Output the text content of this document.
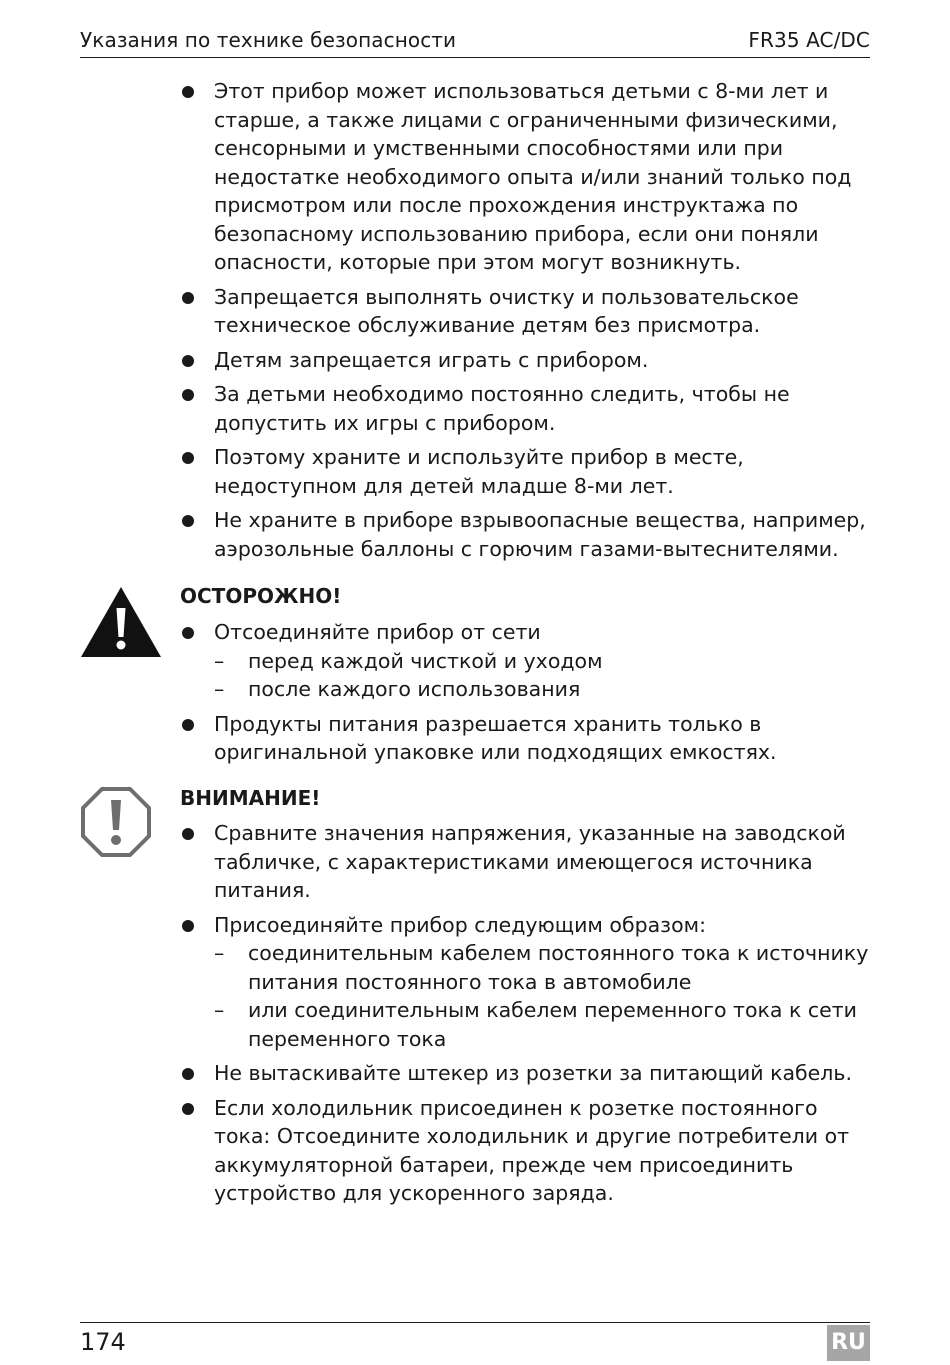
Указания по технике безопасности	FR35 AC/DC
Этот прибор может использоваться детьми с 8-ми лет и старше, а также лицами с ограниченными физическими, сенсорными и умственными способностями или при недостатке необходимого опыта и/или знаний только под присмотром или после прохождения инструктажа по безопасному использованию прибора, если они поняли опасности, которые при этом могут возникнуть.
Запрещается выполнять очистку и пользовательское техническое обслуживание детям без присмотра.
Детям запрещается играть с прибором.
За детьми необходимо постоянно следить, чтобы не допустить их игры с прибором.
Поэтому храните и используйте прибор в месте, недоступном для детей младше 8-ми лет.
Не храните в приборе взрывоопасные вещества, например, аэрозольные баллоны с горючим газами-вытеснителями.
ОСТОРОЖНО!
Отсоединяйте прибор от сети
–	перед каждой чисткой и уходом
–	после каждого использования
Продукты питания разрешается хранить только в оригинальной упаковке или подходящих емкостях.
ВНИМАНИЕ!
Сравните значения напряжения, указанные на заводской табличке, с характеристиками имеющегося источника питания.
Присоединяйте прибор следующим образом:
–	соединительным кабелем постоянного тока к источнику питания постоянного тока в автомобиле
–	или соединительным кабелем переменного тока к сети переменного тока
Не вытаскивайте штекер из розетки за питающий кабель.
Если холодильник присоединен к розетке постоянного тока: Отсоедините холодильник и другие потребители от аккумуляторной батареи, прежде чем присоединить устройство для ускоренного заряда.
174	RU
